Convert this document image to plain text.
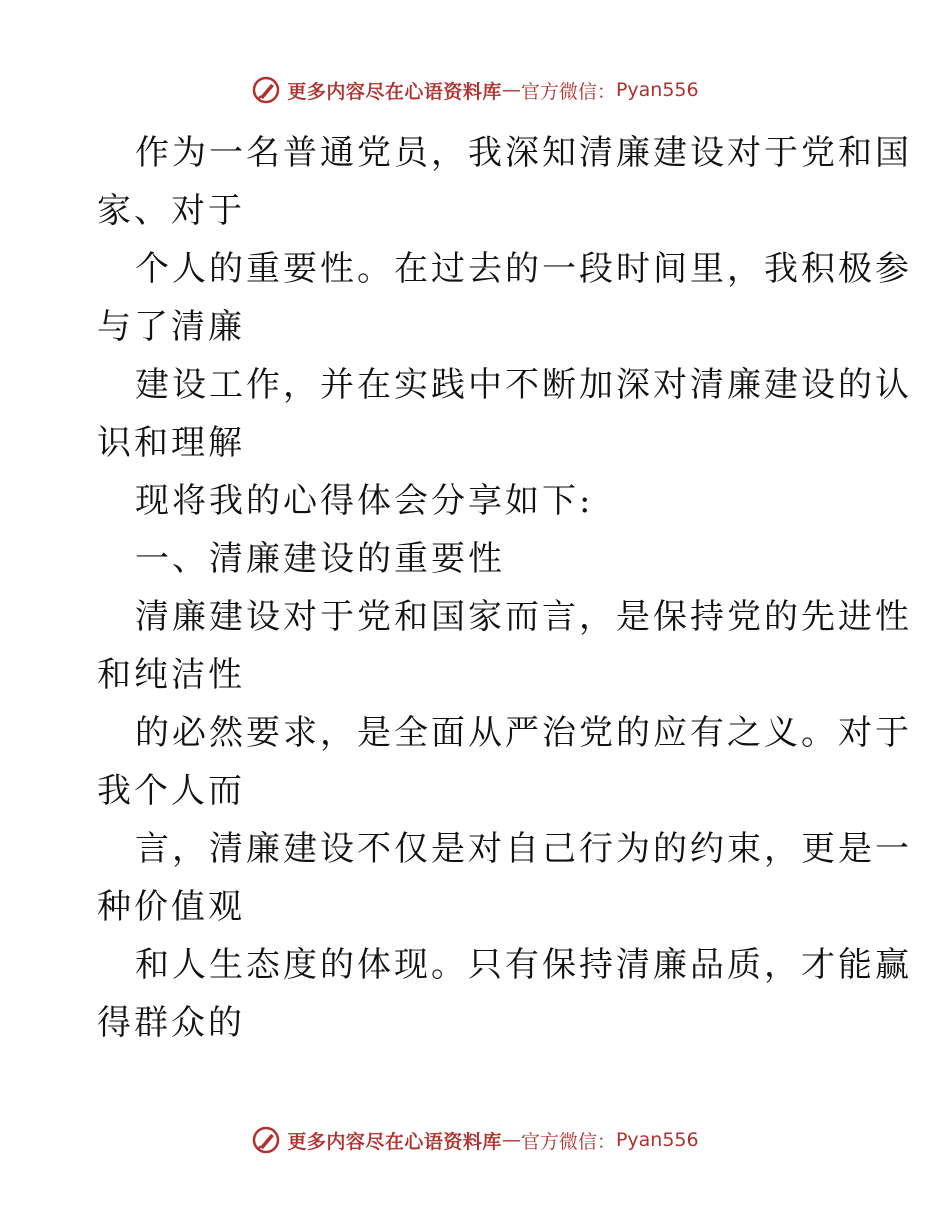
更多内容尽在心语资料库 — 官方微信： Pyan556
作为一名普通党员，我深知清廉建设对于党和国
家、对于
个人的重要性。在过去的一段时间里，我积极参
与了清廉
建设工作，并在实践中不断加深对清廉建设的认
识和理解
现将我的心得体会分享如下:
一、清廉建设的重要性
清廉建设对于党和国家而言，是保持党的先进性
和纯洁性
的必然要求，是全面从严治党的应有之义。对于
我个人而
言，清廉建设不仅是对自己行为的约束，更是一
种价值观
和人生态度的体现。只有保持清廉品质，才能赢
得群众的
更多内容尽在心语资料库 — 官方微信： Pyan556
